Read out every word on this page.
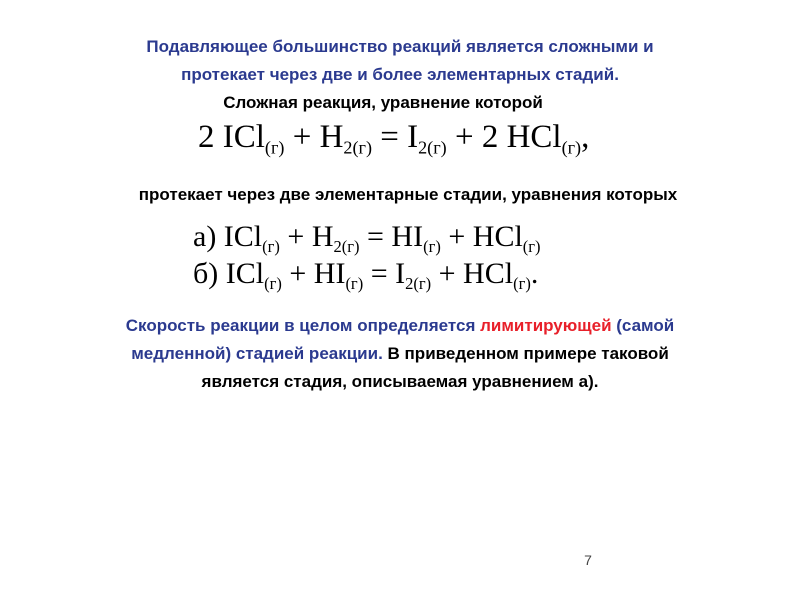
Подавляющее большинство реакций является сложными и
протекает через две и более элементарных стадий.
Сложная реакция, уравнение которой
2 $ICl_{(г)} + H_{2(г)} = I_{2(г)} + 2$ HCl$_{(г)}$,
протекает через две элементарные стадии, уравнения которых
а) $ICl_{(г)} + H_{2(г)} = HI_{(г)} + HCl_{(г)}$
б) $ICl_{(г)} + HI_{(г)} = I_{2(г)} + HCl_{(г)}$.
Скорость реакции в целом определяется лимитирующей (самой
медленной) стадией реакции. В приведенном примере таковой
является стадия, описываемая уравнением а).
7
